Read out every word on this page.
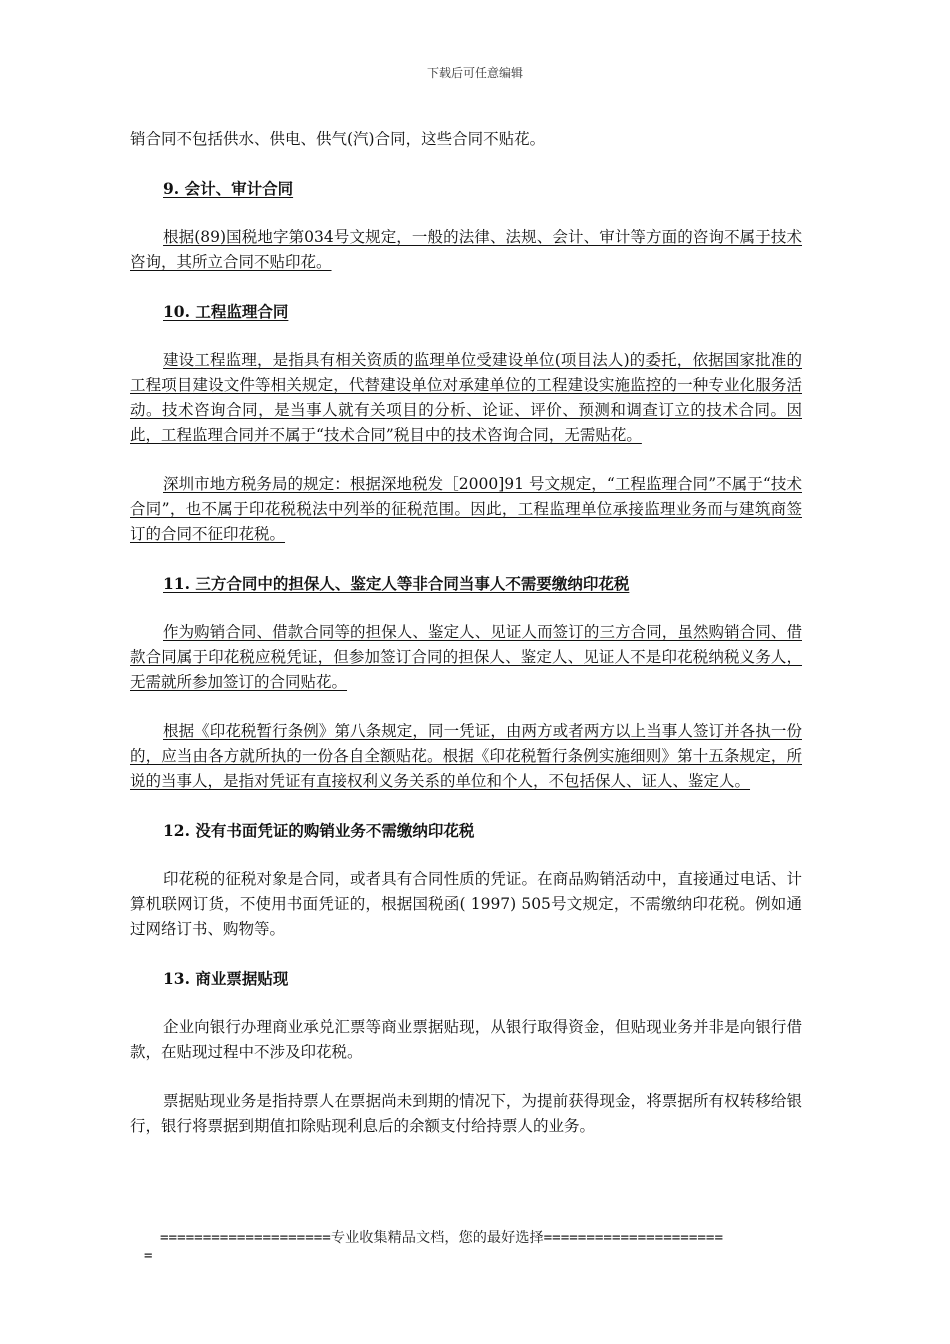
下载后可任意编辑

销合同不包括供水、供电、供气(汽)合同，这些合同不贴花。

9. 会计、审计合同

根据(89)国税地字第034号文规定，一般的法律、法规、会计、审计等方面的咨询不属于技术咨询，其所立合同不贴印花。

10. 工程监理合同

建设工程监理，是指具有相关资质的监理单位受建设单位(项目法人)的委托，依据国家批准的工程项目建设文件等相关规定，代替建设单位对承建单位的工程建设实施监控的一种专业化服务活动。技术咨询合同，是当事人就有关项目的分析、论证、评价、预测和调查订立的技术合同。因此，工程监理合同并不属于“技术合同”税目中的技术咨询合同，无需贴花。

深圳市地方税务局的规定：根据深地税发［2000]91 号文规定，“工程监理合同”不属于“技术合同”，也不属于印花税税法中列举的征税范围。因此，工程监理单位承接监理业务而与建筑商签订的合同不征印花税。

11. 三方合同中的担保人、鉴定人等非合同当事人不需要缴纳印花税

作为购销合同、借款合同等的担保人、鉴定人、见证人而签订的三方合同，虽然购销合同、借款合同属于印花税应税凭证，但参加签订合同的担保人、鉴定人、见证人不是印花税纳税义务人，无需就所参加签订的合同贴花。

根据《印花税暂行条例》第八条规定，同一凭证，由两方或者两方以上当事人签订并各执一份的，应当由各方就所执的一份各自全额贴花。根据《印花税暂行条例实施细则》第十五条规定，所说的当事人，是指对凭证有直接权利义务关系的单位和个人，不包括保人、证人、鉴定人。

12. 没有书面凭证的购销业务不需缴纳印花税

印花税的征税对象是合同，或者具有合同性质的凭证。在商品购销活动中，直接通过电话、计算机联网订货，不使用书面凭证的，根据国税函( 1997) 505号文规定，不需缴纳印花税。例如通过网络订书、购物等。

13. 商业票据贴现

企业向银行办理商业承兑汇票等商业票据贴现，从银行取得资金，但贴现业务并非是向银行借款，在贴现过程中不涉及印花税。

票据贴现业务是指持票人在票据尚未到期的情况下，为提前获得现金，将票据所有权转移给银行，银行将票据到期值扣除贴现利息后的余额支付给持票人的业务。

====================专业收集精品文档，您的最好选择=====================
=
